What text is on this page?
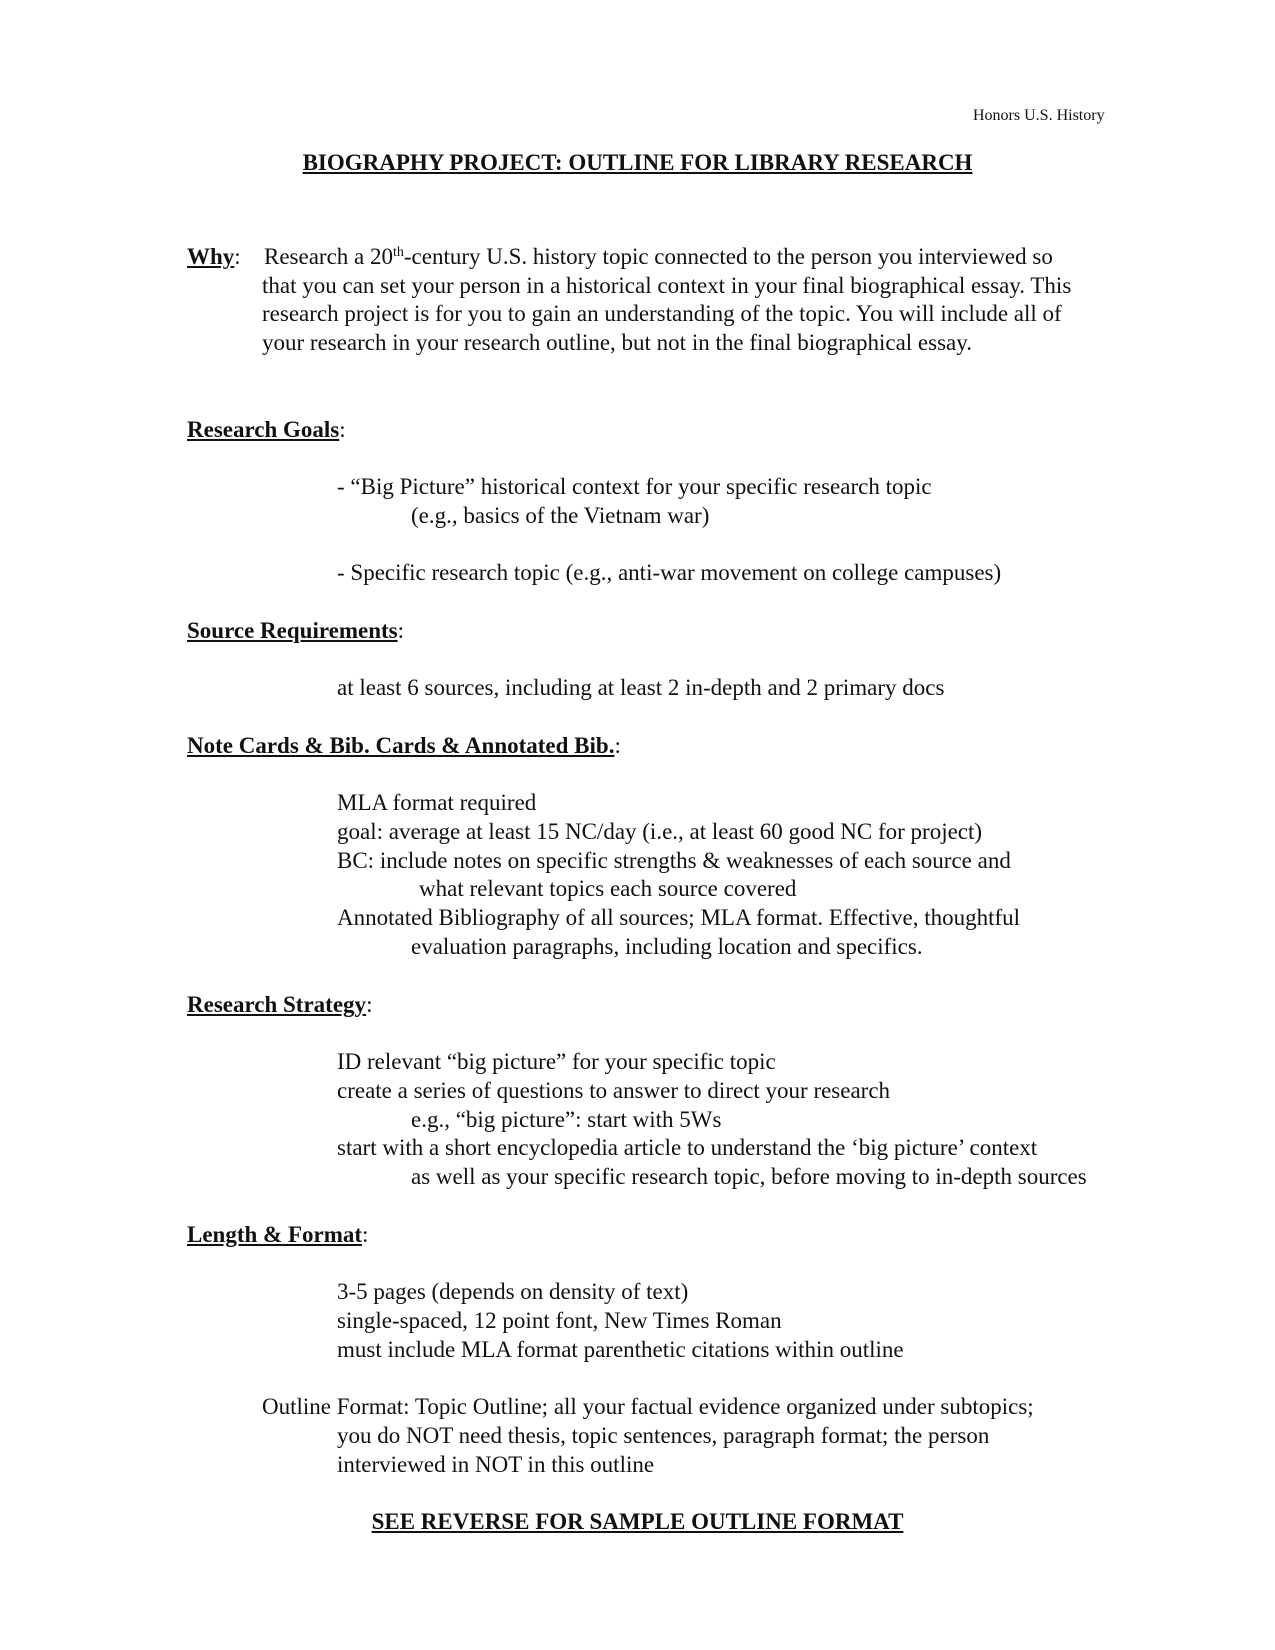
Honors U.S. History
BIOGRAPHY PROJECT: OUTLINE FOR LIBRARY RESEARCH
Why: Research a 20th-century U.S. history topic connected to the person you interviewed so
that you can set your person in a historical context in your final biographical essay. This
research project is for you to gain an understanding of the topic. You will include all of
your research in your research outline, but not in the final biographical essay.
Research Goals:
- “Big Picture” historical context for your specific research topic
(e.g., basics of the Vietnam war)
- Specific research topic (e.g., anti-war movement on college campuses)
Source Requirements:
at least 6 sources, including at least 2 in-depth and 2 primary docs
Note Cards & Bib. Cards & Annotated Bib.:
MLA format required
goal: average at least 15 NC/day (i.e., at least 60 good NC for project)
BC: include notes on specific strengths & weaknesses of each source and
what relevant topics each source covered
Annotated Bibliography of all sources; MLA format. Effective, thoughtful
evaluation paragraphs, including location and specifics.
Research Strategy:
ID relevant “big picture” for your specific topic
create a series of questions to answer to direct your research
e.g., “big picture”: start with 5Ws
start with a short encyclopedia article to understand the ‘big picture’ context
as well as your specific research topic, before moving to in-depth sources
Length & Format:
3-5 pages (depends on density of text)
single-spaced, 12 point font, New Times Roman
must include MLA format parenthetic citations within outline
Outline Format: Topic Outline; all your factual evidence organized under subtopics;
you do NOT need thesis, topic sentences, paragraph format; the person
interviewed in NOT in this outline
SEE REVERSE FOR SAMPLE OUTLINE FORMAT
